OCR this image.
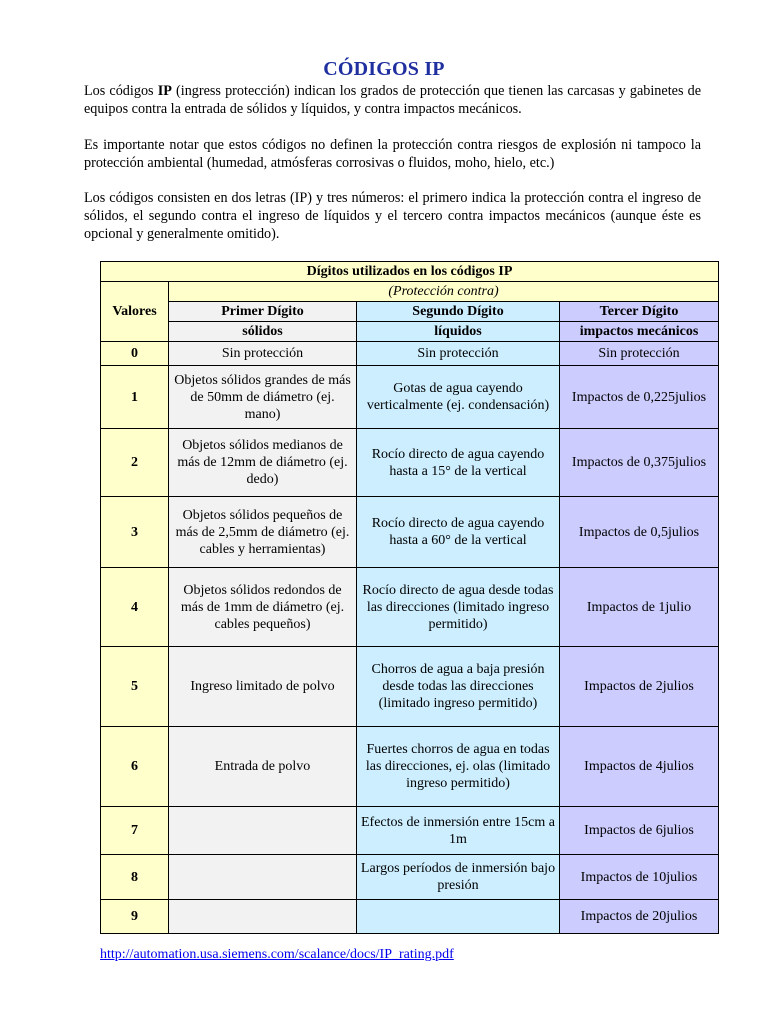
CÓDIGOS IP

Los códigos IP (ingress protección) indican los grados de protección que tienen las carcasas y gabinetes de equipos contra la entrada de sólidos y líquidos, y contra impactos mecánicos.

Es importante notar que estos códigos no definen la protección contra riesgos de explosión ni tampoco la protección ambiental (humedad, atmósferas corrosivas o fluidos, moho, hielo, etc.)

Los códigos consisten en dos letras (IP) y tres números: el primero indica la protección contra el ingreso de sólidos, el segundo contra el ingreso de líquidos y el tercero contra impactos mecánicos (aunque éste es opcional y generalmente omitido).

Dígitos utilizados en los códigos IP			
Valores	(Protección contra)		
	Primer Dígito	Segundo Dígito	Tercer Dígito
	sólidos	líquidos	impactos mecánicos
0	Sin protección	Sin protección	Sin protección
1	Objetos sólidos grandes de más de 50mm de diámetro (ej. mano)	Gotas de agua cayendo verticalmente (ej. condensación)	Impactos de 0,225julios
2	Objetos sólidos medianos de más de 12mm de diámetro (ej. dedo)	Rocío directo de agua cayendo hasta a 15° de la vertical	Impactos de 0,375julios
3	Objetos sólidos pequeños de más de 2,5mm de diámetro (ej. cables y herramientas)	Rocío directo de agua cayendo hasta a 60° de la vertical	Impactos de 0,5julios
4	Objetos sólidos redondos de más de 1mm de diámetro (ej. cables pequeños)	Rocío directo de agua desde todas las direcciones (limitado ingreso permitido)	Impactos de 1julio
5	Ingreso limitado de polvo	Chorros de agua a baja presión desde todas las direcciones (limitado ingreso permitido)	Impactos de 2julios
6	Entrada de polvo	Fuertes chorros de agua en todas las direcciones, ej. olas (limitado ingreso permitido)	Impactos de 4julios
7		Efectos de inmersión entre 15cm a 1m	Impactos de 6julios
8		Largos períodos de inmersión bajo presión	Impactos de 10julios
9			Impactos de 20julios
http://automation.usa.siemens.com/scalance/docs/IP_rating.pdf
